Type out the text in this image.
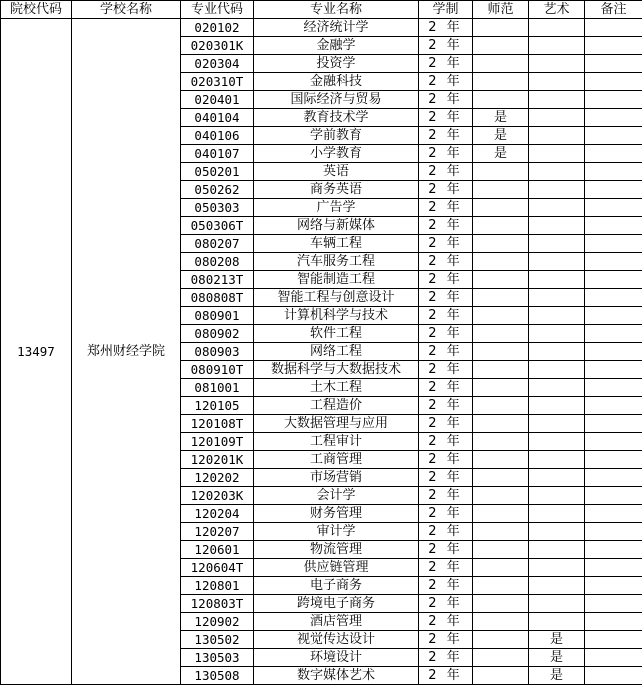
院校代码	学校名称	专业代码	专业名称	学制	师范	艺术	备注
13497	郑州财经学院	020102	经济统计学	2 年			
		020301K	金融学	2 年			
		020304	投资学	2 年			
		020310T	金融科技	2 年			
		020401	国际经济与贸易	2 年			
		040104	教育技术学	2 年	是		
		040106	学前教育	2 年	是		
		040107	小学教育	2 年	是		
		050201	英语	2 年			
		050262	商务英语	2 年			
		050303	广告学	2 年			
		050306T	网络与新媒体	2 年			
		080207	车辆工程	2 年			
		080208	汽车服务工程	2 年			
		080213T	智能制造工程	2 年			
		080808T	智能工程与创意设计	2 年			
		080901	计算机科学与技术	2 年			
		080902	软件工程	2 年			
		080903	网络工程	2 年			
		080910T	数据科学与大数据技术	2 年			
		081001	土木工程	2 年			
		120105	工程造价	2 年			
		120108T	大数据管理与应用	2 年			
		120109T	工程审计	2 年			
		120201K	工商管理	2 年			
		120202	市场营销	2 年			
		120203K	会计学	2 年			
		120204	财务管理	2 年			
		120207	审计学	2 年			
		120601	物流管理	2 年			
		120604T	供应链管理	2 年			
		120801	电子商务	2 年			
		120803T	跨境电子商务	2 年			
		120902	酒店管理	2 年			
		130502	视觉传达设计	2 年		是	
		130503	环境设计	2 年		是	
		130508	数字媒体艺术	2 年		是	
